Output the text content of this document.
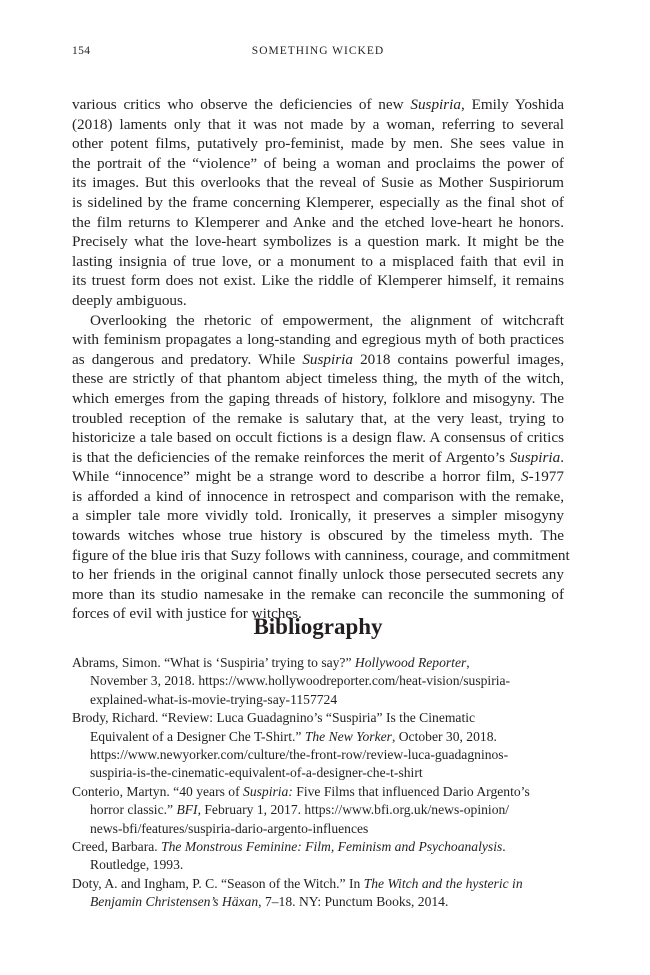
154	SOMETHING WICKED
various critics who observe the deficiencies of new Suspiria, Emily Yoshida
(2018) laments only that it was not made by a woman, referring to several
other potent films, putatively pro-feminist, made by men. She sees value in
the portrait of the “violence” of being a woman and proclaims the power of
its images. But this overlooks that the reveal of Susie as Mother Suspiriorum
is sidelined by the frame concerning Klemperer, especially as the final shot of
the film returns to Klemperer and Anke and the etched love-heart he honors.
Precisely what the love-heart symbolizes is a question mark. It might be the
lasting insignia of true love, or a monument to a misplaced faith that evil in
its truest form does not exist. Like the riddle of Klemperer himself, it remains
deeply ambiguous.
Overlooking the rhetoric of empowerment, the alignment of witchcraft
with feminism propagates a long-standing and egregious myth of both practices
as dangerous and predatory. While Suspiria 2018 contains powerful images,
these are strictly of that phantom abject timeless thing, the myth of the witch,
which emerges from the gaping threads of history, folklore and misogyny. The
troubled reception of the remake is salutary that, at the very least, trying to
historicize a tale based on occult fictions is a design flaw. A consensus of critics
is that the deficiencies of the remake reinforces the merit of Argento’s Suspiria.
While “innocence” might be a strange word to describe a horror film, S-1977
is afforded a kind of innocence in retrospect and comparison with the remake,
a simpler tale more vividly told. Ironically, it preserves a simpler misogyny
towards witches whose true history is obscured by the timeless myth. The
figure of the blue iris that Suzy follows with canniness, courage, and commitment
to her friends in the original cannot finally unlock those persecuted secrets any
more than its studio namesake in the remake can reconcile the summoning of
forces of evil with justice for witches.
Bibliography
Abrams, Simon. “What is ‘Suspiria’ trying to say?” Hollywood Reporter,
November 3, 2018. https://www.hollywoodreporter.com/heat-vision/suspiria-
explained-what-is-movie-trying-say-1157724
Brody, Richard. “Review: Luca Guadagnino’s “Suspiria” Is the Cinematic
Equivalent of a Designer Che T-Shirt.” The New Yorker, October 30, 2018.
https://www.newyorker.com/culture/the-front-row/review-luca-guadagninos-
suspiria-is-the-cinematic-equivalent-of-a-designer-che-t-shirt
Conterio, Martyn. “40 years of Suspiria: Five Films that influenced Dario Argento’s
horror classic.” BFI, February 1, 2017. https://www.bfi.org.uk/news-opinion/
news-bfi/features/suspiria-dario-argento-influences
Creed, Barbara. The Monstrous Feminine: Film, Feminism and Psychoanalysis.
Routledge, 1993.
Doty, A. and Ingham, P. C. “Season of the Witch.” In The Witch and the hysteric in
Benjamin Christensen’s Häxan, 7–18. NY: Punctum Books, 2014.
